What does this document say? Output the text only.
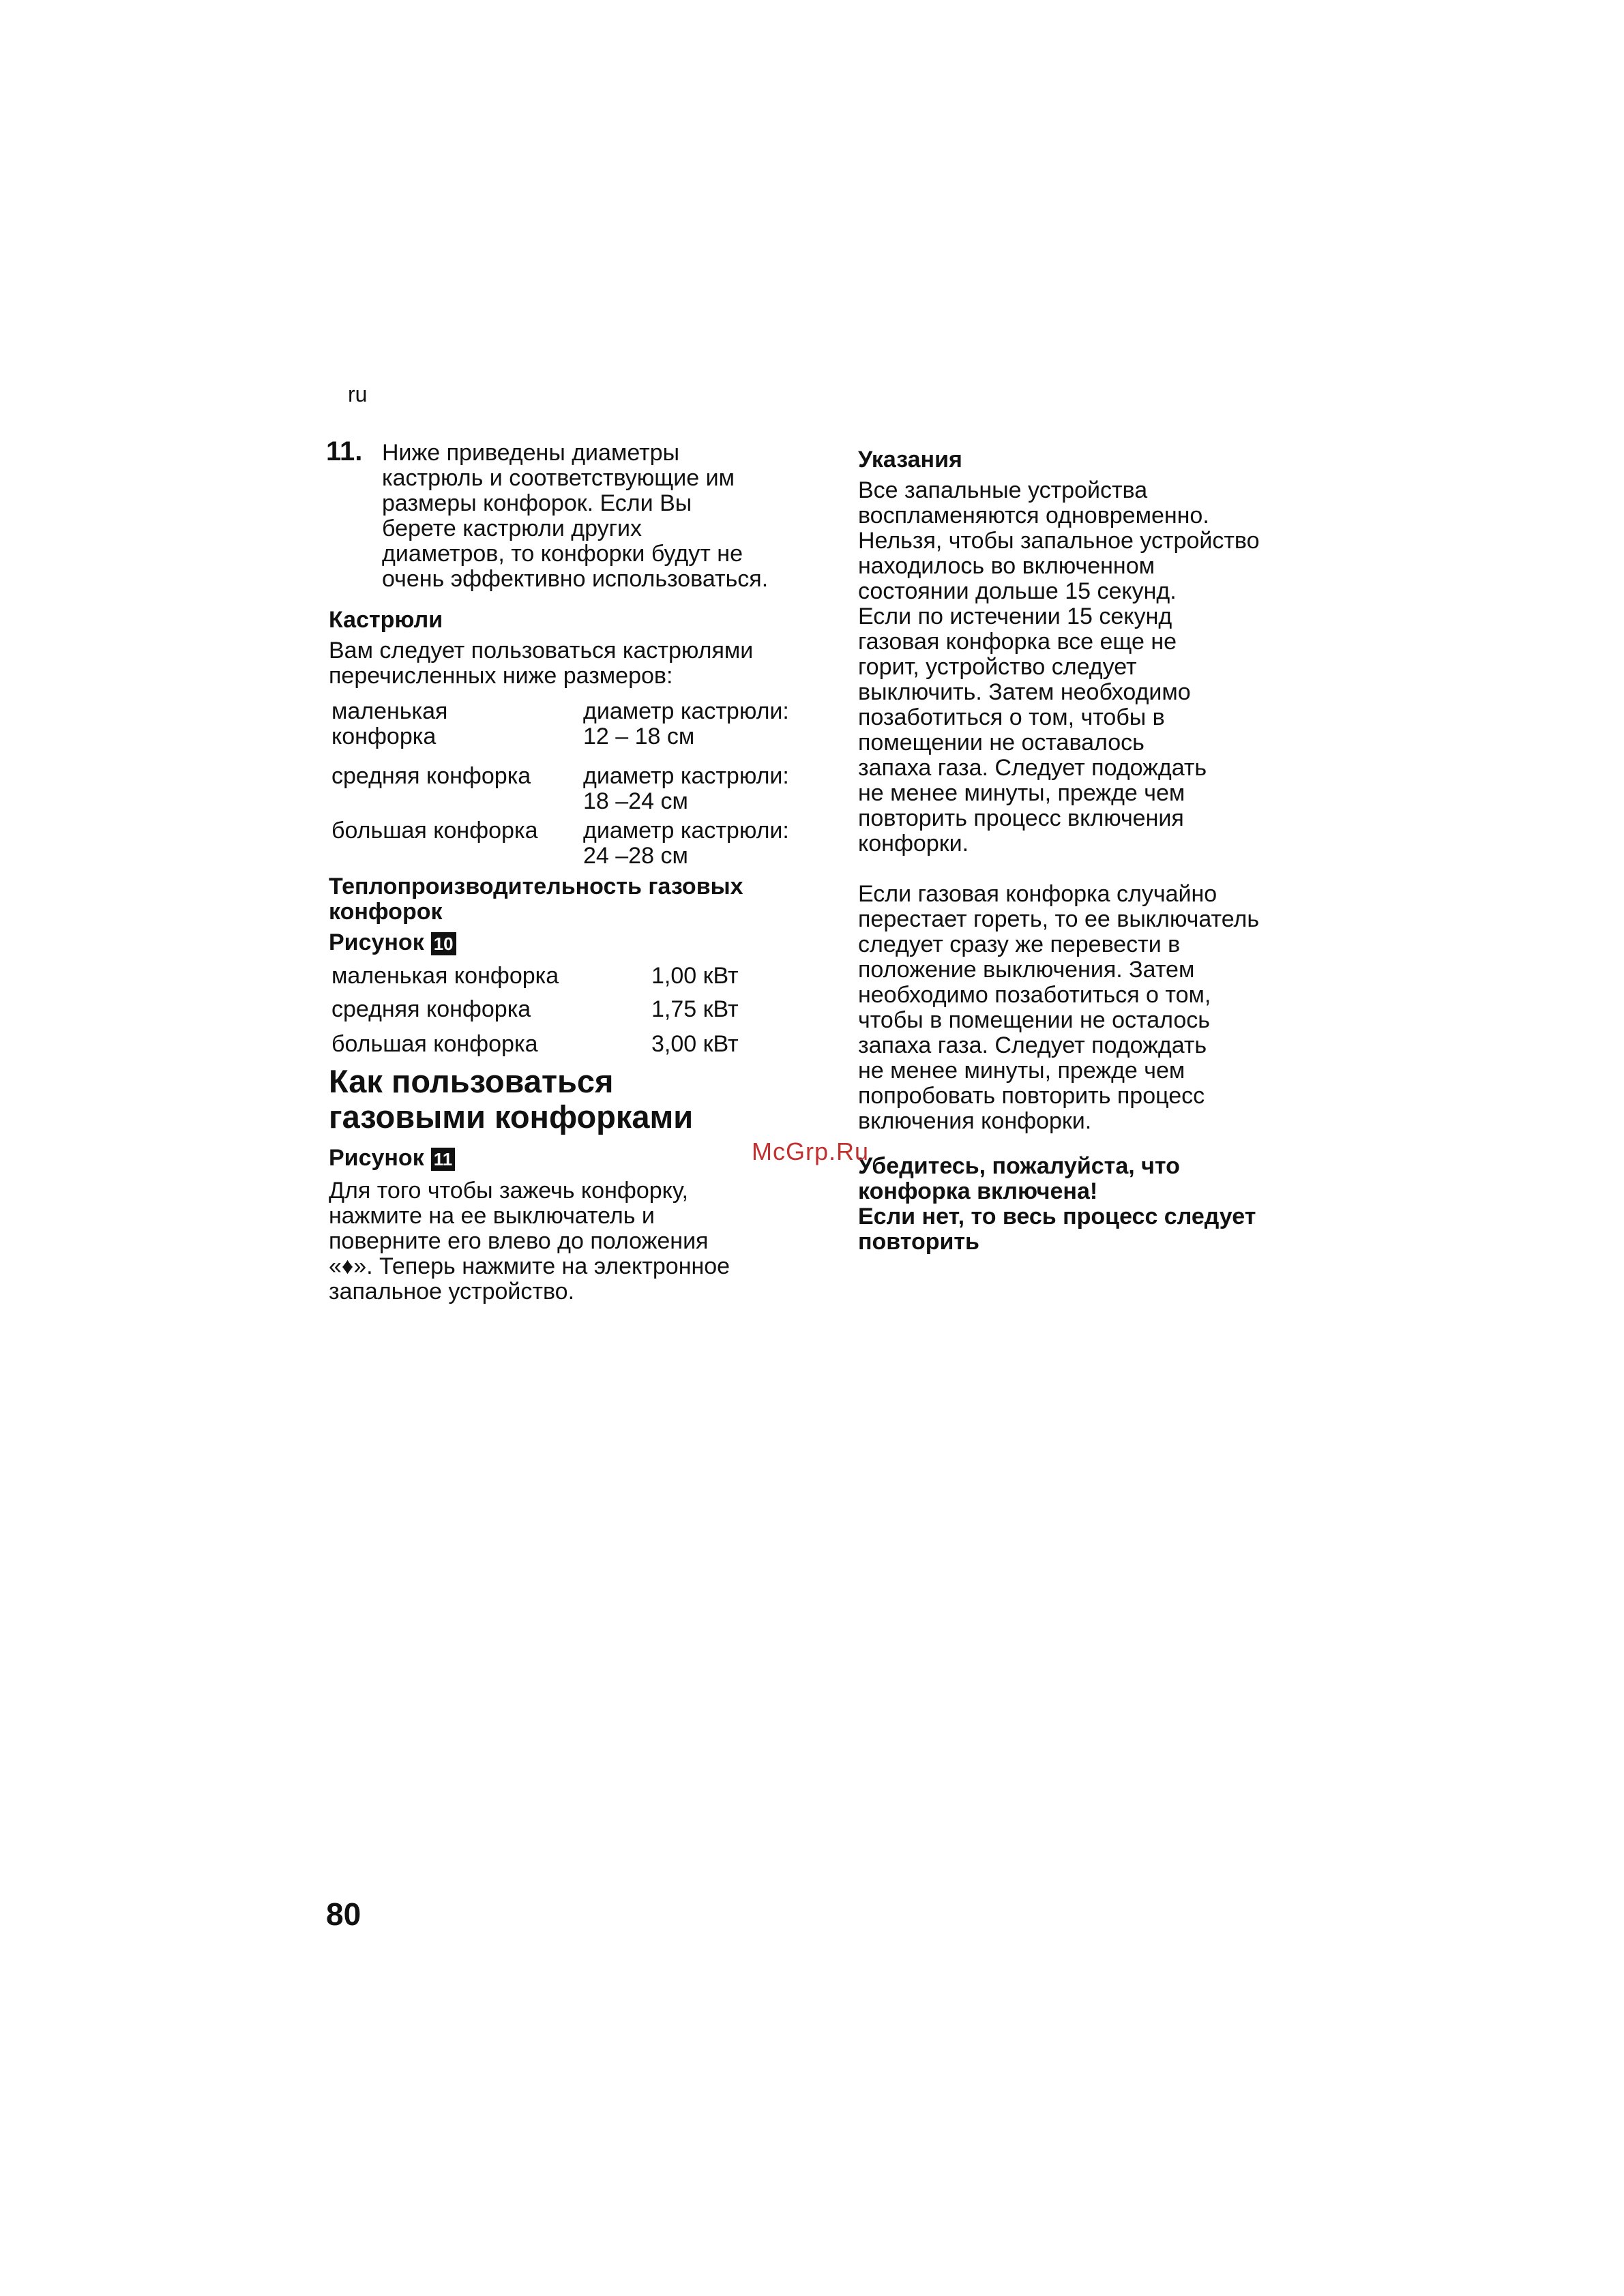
ru
11. Ниже приведены диаметры
кастрюль и соответствующие им
размеры конфорок. Если Вы
берете кастрюли других
диаметров, то конфорки будут не
очень эффективно использоваться.
Кастрюли
Вам следует пользоваться кастрюлями
перечисленных ниже размеров:
маленькая
конфорка
диаметр кастрюли:
12 – 18 см
средняя конфорка диаметр кастрюли:
18 –24 см
большая конфорка диаметр кастрюли:
24 –28 см
Теплопроизводительность газовых
конфорок
Рисунок 10
маленькая конфорка	1,00 кВт
средняя конфорка	1,75 кВт
большая конфорка	3,00 кВт
Как пользоваться
газовыми конфорками
Рисунок 11
Для того чтобы зажечь конфорку,
нажмите на ее выключатель и
поверните его влево до положения
«♦». Теперь нажмите на электронное
запальное устройство.
Указания
Все запальные устройства
воспламеняются одновременно.
Нельзя, чтобы запальное устройство
находилось во включенном
состоянии дольше 15 секунд.
Если по истечении 15 секунд
газовая конфорка все еще не
горит, устройство следует
выключить. Затем необходимо
позаботиться о том, чтобы в
помещении не оставалось
запаха газа. Следует подождать
не менее минуты, прежде чем
повторить процесс включения
конфорки.
Если газовая конфорка случайно
перестает гореть, то ее выключатель
следует сразу же перевести в
положение выключения. Затем
необходимо позаботиться о том,
чтобы в помещении не осталось
запаха газа. Следует подождать
не менее минуты, прежде чем
попробовать повторить процесс
включения конфорки.
Убедитесь, пожалуйста, что
конфорка включена!
Если нет, то весь процесс следует
повторить
McGrp.Ru
80
